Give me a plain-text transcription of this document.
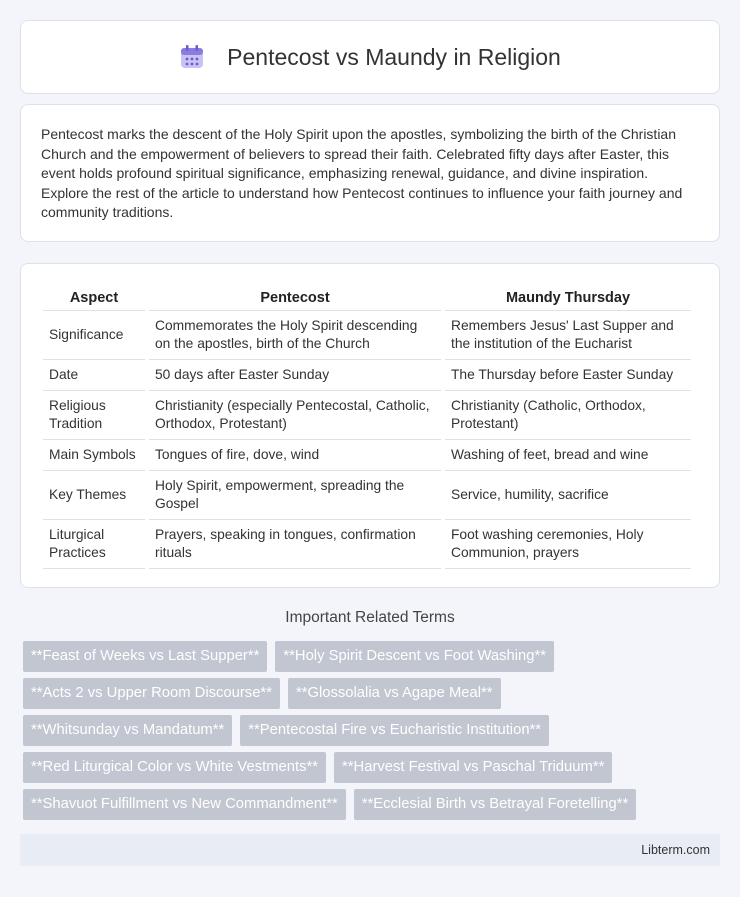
Pentecost vs Maundy in Religion

Pentecost marks the descent of the Holy Spirit upon the apostles, symbolizing the birth of the Christian Church and the empowerment of believers to spread their faith. Celebrated fifty days after Easter, this event holds profound spiritual significance, emphasizing renewal, guidance, and divine inspiration. Explore the rest of the article to understand how Pentecost continues to influence your faith journey and community traditions.

Aspect	Pentecost	Maundy Thursday
Significance	Commemorates the Holy Spirit descending on the apostles, birth of the Church	Remembers Jesus' Last Supper and the institution of the Eucharist
Date	50 days after Easter Sunday	The Thursday before Easter Sunday
Religious Tradition	Christianity (especially Pentecostal, Catholic, Orthodox, Protestant)	Christianity (Catholic, Orthodox, Protestant)
Main Symbols	Tongues of fire, dove, wind	Washing of feet, bread and wine
Key Themes	Holy Spirit, empowerment, spreading the Gospel	Service, humility, sacrifice
Liturgical Practices	Prayers, speaking in tongues, confirmation rituals	Foot washing ceremonies, Holy Communion, prayers
Important Related Terms
**Feast of Weeks vs Last Supper**	**Holy Spirit Descent vs Foot Washing**
**Acts 2 vs Upper Room Discourse**	**Glossolalia vs Agape Meal**
**Whitsunday vs Mandatum**	**Pentecostal Fire vs Eucharistic Institution**
**Red Liturgical Color vs White Vestments**	**Harvest Festival vs Paschal Triduum**
**Shavuot Fulfillment vs New Commandment**	**Ecclesial Birth vs Betrayal Foretelling**
Libterm.com
